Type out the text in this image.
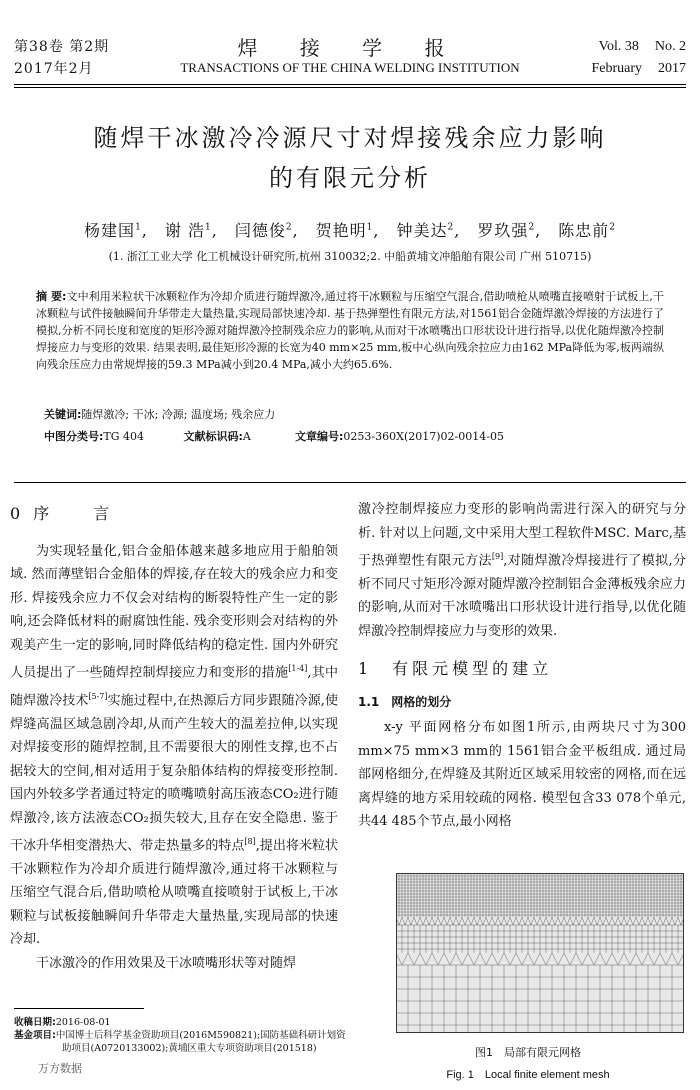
第38卷 第2期
2017年2月
焊 接 学 报
TRANSACTIONS OF THE CHINA WELDING INSTITUTION
Vol. 38 No. 2
February 2017
随焊干冰激冷冷源尺寸对焊接残余应力影响
的有限元分析
杨建国$^1$, 谢 浩$^1$, 闫德俊$^2$, 贺艳明$^1$, 钟美达$^2$, 罗玖强$^2$, 陈忠前$^2$
(1. 浙江工业大学 化工机械设计研究所,杭州 310032;2. 中船黄埔文冲船舶有限公司 广州 510715)
摘 要:文中利用米粒状干冰颗粒作为冷却介质进行随焊激冷,通过将干冰颗粒与压缩空气混合,借助喷枪从喷嘴直接喷射于试板上,干冰颗粒与试件接触瞬间升华带走大量热量,实现局部快速冷却. 基于热弹塑性有限元方法,对1561铝合金随焊激冷焊接的方法进行了模拟,分析不同长度和宽度的矩形冷源对随焊激冷控制残余应力的影响,从而对干冰喷嘴出口形状设计进行指导,以优化随焊激冷控制焊接应力与变形的效果. 结果表明,最佳矩形冷源的长宽为40 mm×25 mm,板中心纵向残余拉应力由162 MPa降低为零,板两端纵向残余压应力由常规焊接的59.3 MPa减小到20.4 MPa,减小大约65.6%.
关键词:随焊激冷; 干冰; 冷源; 温度场; 残余应力
中图分类号:TG 404	文献标识码:A	文章编号:0253-360X(2017)02-0014-05

0 序　　言

为实现轻量化,铝合金船体越来越多地应用于船舶领域. 然而薄壁铝合金船体的焊接,存在较大的残余应力和变形. 焊接残余应力不仅会对结构的断裂特性产生一定的影响,还会降低材料的耐腐蚀性能. 残余变形则会对结构的外观美产生一定的影响,同时降低结构的稳定性. 国内外研究人员提出了一些随焊控制焊接应力和变形的措施[1-4],其中随焊激冷技术[5-7]实施过程中,在热源后方同步跟随冷源,使焊缝高温区域急剧冷却,从而产生较大的温差拉伸,以实现对焊接变形的随焊控制,且不需要很大的刚性支撑,也不占据较大的空间,相对适用于复杂船体结构的焊接变形控制. 国内外较多学者通过特定的喷嘴喷射高压液态CO₂进行随焊激冷,该方法液态CO₂损失较大,且存在安全隐患. 鉴于干冰升华相变潜热大、带走热量多的特点[8],提出将米粒状干冰颗粒作为冷却介质进行随焊激冷,通过将干冰颗粒与压缩空气混合后,借助喷枪从喷嘴直接喷射于试板上,干冰颗粒与试板接触瞬间升华带走大量热量,实现局部的快速冷却.

干冰激冷的作用效果及干冰喷嘴形状等对随焊

收稿日期:2016-08-01
基金项目:中国博士后科学基金资助项目(2016M590821);国防基础科研计划资助项目(A0720133002);黄埔区重大专项资助项目(201518)
万方数据

激冷控制焊接应力变形的影响尚需进行深入的研究与分析. 针对以上问题,文中采用大型工程软件MSC. Marc,基于热弹塑性有限元方法[9],对随焊激冷焊接进行了模拟,分析不同尺寸矩形冷源对随焊激冷控制铝合金薄板残余应力的影响,从而对干冰喷嘴出口形状设计进行指导,以优化随焊激冷控制焊接应力与变形的效果.

1　有限元模型的建立

1.1　网格的划分

x-y 平面网格分布如图1所示,由两块尺寸为300 mm×75 mm×3 mm的 1561铝合金平板组成. 通过局部网格细分,在焊缝及其附近区域采用较密的网格,而在远离焊缝的地方采用较疏的网格. 模型包含33 078个单元,共44 485个节点,最小网格

图1　局部有限元网格
Fig. 1　Local finite element mesh
